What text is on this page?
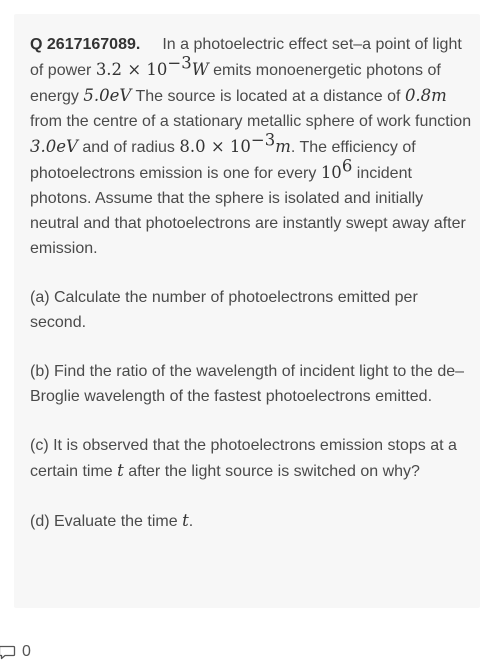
Q 2617167089. In a photoelectric effect set–a point of light of power $3.2 \times 10^{-3}W$ emits monoenergetic photons of energy 5.0eV The source is located at a distance of 0.8m from the centre of a stationary metallic sphere of work function 3.0eV and of radius $8.0 \times 10^{-3}m$. The efficiency of photoelectrons emission is one for every $10^6$ incident photons. Assume that the sphere is isolated and initially neutral and that photoelectrons are instantly swept away after emission.

(a) Calculate the number of photoelectrons emitted per second.

(b) Find the ratio of the wavelength of incident light to the de–Broglie wavelength of the fastest photoelectrons emitted.

(c) It is observed that the photoelectrons emission stops at a certain time t after the light source is switched on why?

(d) Evaluate the time t.

0
